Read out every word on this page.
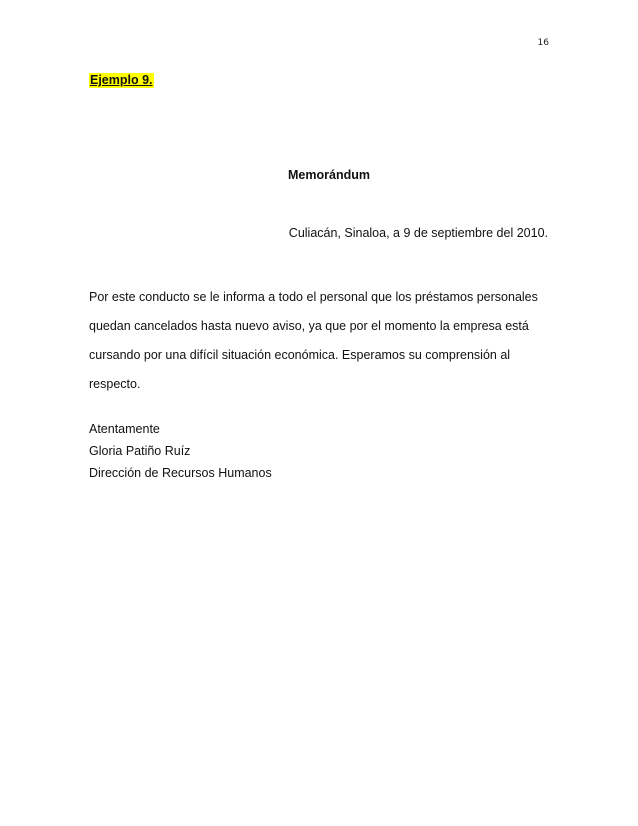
16
Ejemplo 9.
Memorándum
Culiacán, Sinaloa, a 9 de septiembre del 2010.

Por este conducto se le informa a todo el personal que los préstamos personales
quedan cancelados hasta nuevo aviso, ya que por el momento la empresa está
cursando por una difícil situación económica. Esperamos su comprensión al
respecto.

Atentamente
Gloria Patiño Ruíz
Dirección de Recursos Humanos
